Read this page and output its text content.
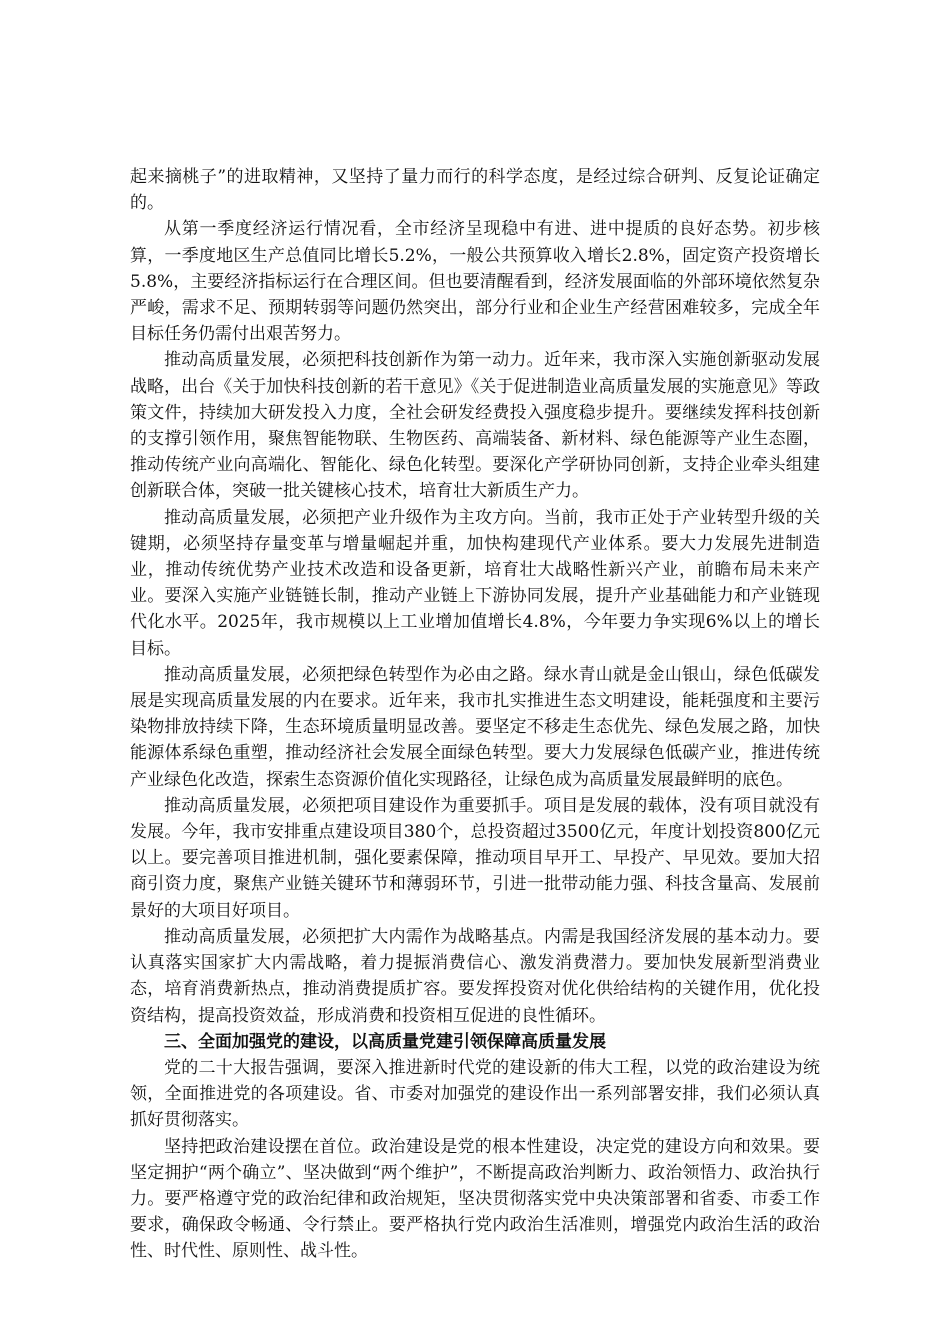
起来摘桃子”的进取精神，又坚持了量力而行的科学态度，是经过综合研判、反复论证确定的。

从第一季度经济运行情况看，全市经济呈现稳中有进、进中提质的良好态势。初步核算，一季度地区生产总值同比增长5.2%，一般公共预算收入增长2.8%，固定资产投资增长5.8%，主要经济指标运行在合理区间。但也要清醒看到，经济发展面临的外部环境依然复杂严峻，需求不足、预期转弱等问题仍然突出，部分行业和企业生产经营困难较多，完成全年目标任务仍需付出艰苦努力。

推动高质量发展，必须把科技创新作为第一动力。近年来，我市深入实施创新驱动发展战略，出台《关于加快科技创新的若干意见》《关于促进制造业高质量发展的实施意见》等政策文件，持续加大研发投入力度，全社会研发经费投入强度稳步提升。要继续发挥科技创新的支撑引领作用，聚焦智能物联、生物医药、高端装备、新材料、绿色能源等产业生态圈，推动传统产业向高端化、智能化、绿色化转型。要深化产学研协同创新，支持企业牵头组建创新联合体，突破一批关键核心技术，培育壮大新质生产力。

推动高质量发展，必须把产业升级作为主攻方向。当前，我市正处于产业转型升级的关键期，必须坚持存量变革与增量崛起并重，加快构建现代产业体系。要大力发展先进制造业，推动传统优势产业技术改造和设备更新，培育壮大战略性新兴产业，前瞻布局未来产业。要深入实施产业链链长制，推动产业链上下游协同发展，提升产业基础能力和产业链现代化水平。2025年，我市规模以上工业增加值增长4.8%，今年要力争实现6%以上的增长目标。

推动高质量发展，必须把绿色转型作为必由之路。绿水青山就是金山银山，绿色低碳发展是实现高质量发展的内在要求。近年来，我市扎实推进生态文明建设，能耗强度和主要污染物排放持续下降，生态环境质量明显改善。要坚定不移走生态优先、绿色发展之路，加快能源体系绿色重塑，推动经济社会发展全面绿色转型。要大力发展绿色低碳产业，推进传统产业绿色化改造，探索生态资源价值化实现路径，让绿色成为高质量发展最鲜明的底色。

推动高质量发展，必须把项目建设作为重要抓手。项目是发展的载体，没有项目就没有发展。今年，我市安排重点建设项目380个，总投资超过3500亿元，年度计划投资800亿元以上。要完善项目推进机制，强化要素保障，推动项目早开工、早投产、早见效。要加大招商引资力度，聚焦产业链关键环节和薄弱环节，引进一批带动能力强、科技含量高、发展前景好的大项目好项目。

推动高质量发展，必须把扩大内需作为战略基点。内需是我国经济发展的基本动力。要认真落实国家扩大内需战略，着力提振消费信心、激发消费潜力。要加快发展新型消费业态，培育消费新热点，推动消费提质扩容。要发挥投资对优化供给结构的关键作用，优化投资结构，提高投资效益，形成消费和投资相互促进的良性循环。

三、全面加强党的建设，以高质量党建引领保障高质量发展

党的二十大报告强调，要深入推进新时代党的建设新的伟大工程，以党的政治建设为统领，全面推进党的各项建设。省、市委对加强党的建设作出一系列部署安排，我们必须认真抓好贯彻落实。

坚持把政治建设摆在首位。政治建设是党的根本性建设，决定党的建设方向和效果。要坚定拥护“两个确立”、坚决做到“两个维护”，不断提高政治判断力、政治领悟力、政治执行力。要严格遵守党的政治纪律和政治规矩，坚决贯彻落实党中央决策部署和省委、市委工作要求，确保政令畅通、令行禁止。要严格执行党内政治生活准则，增强党内政治生活的政治性、时代性、原则性、战斗性。
